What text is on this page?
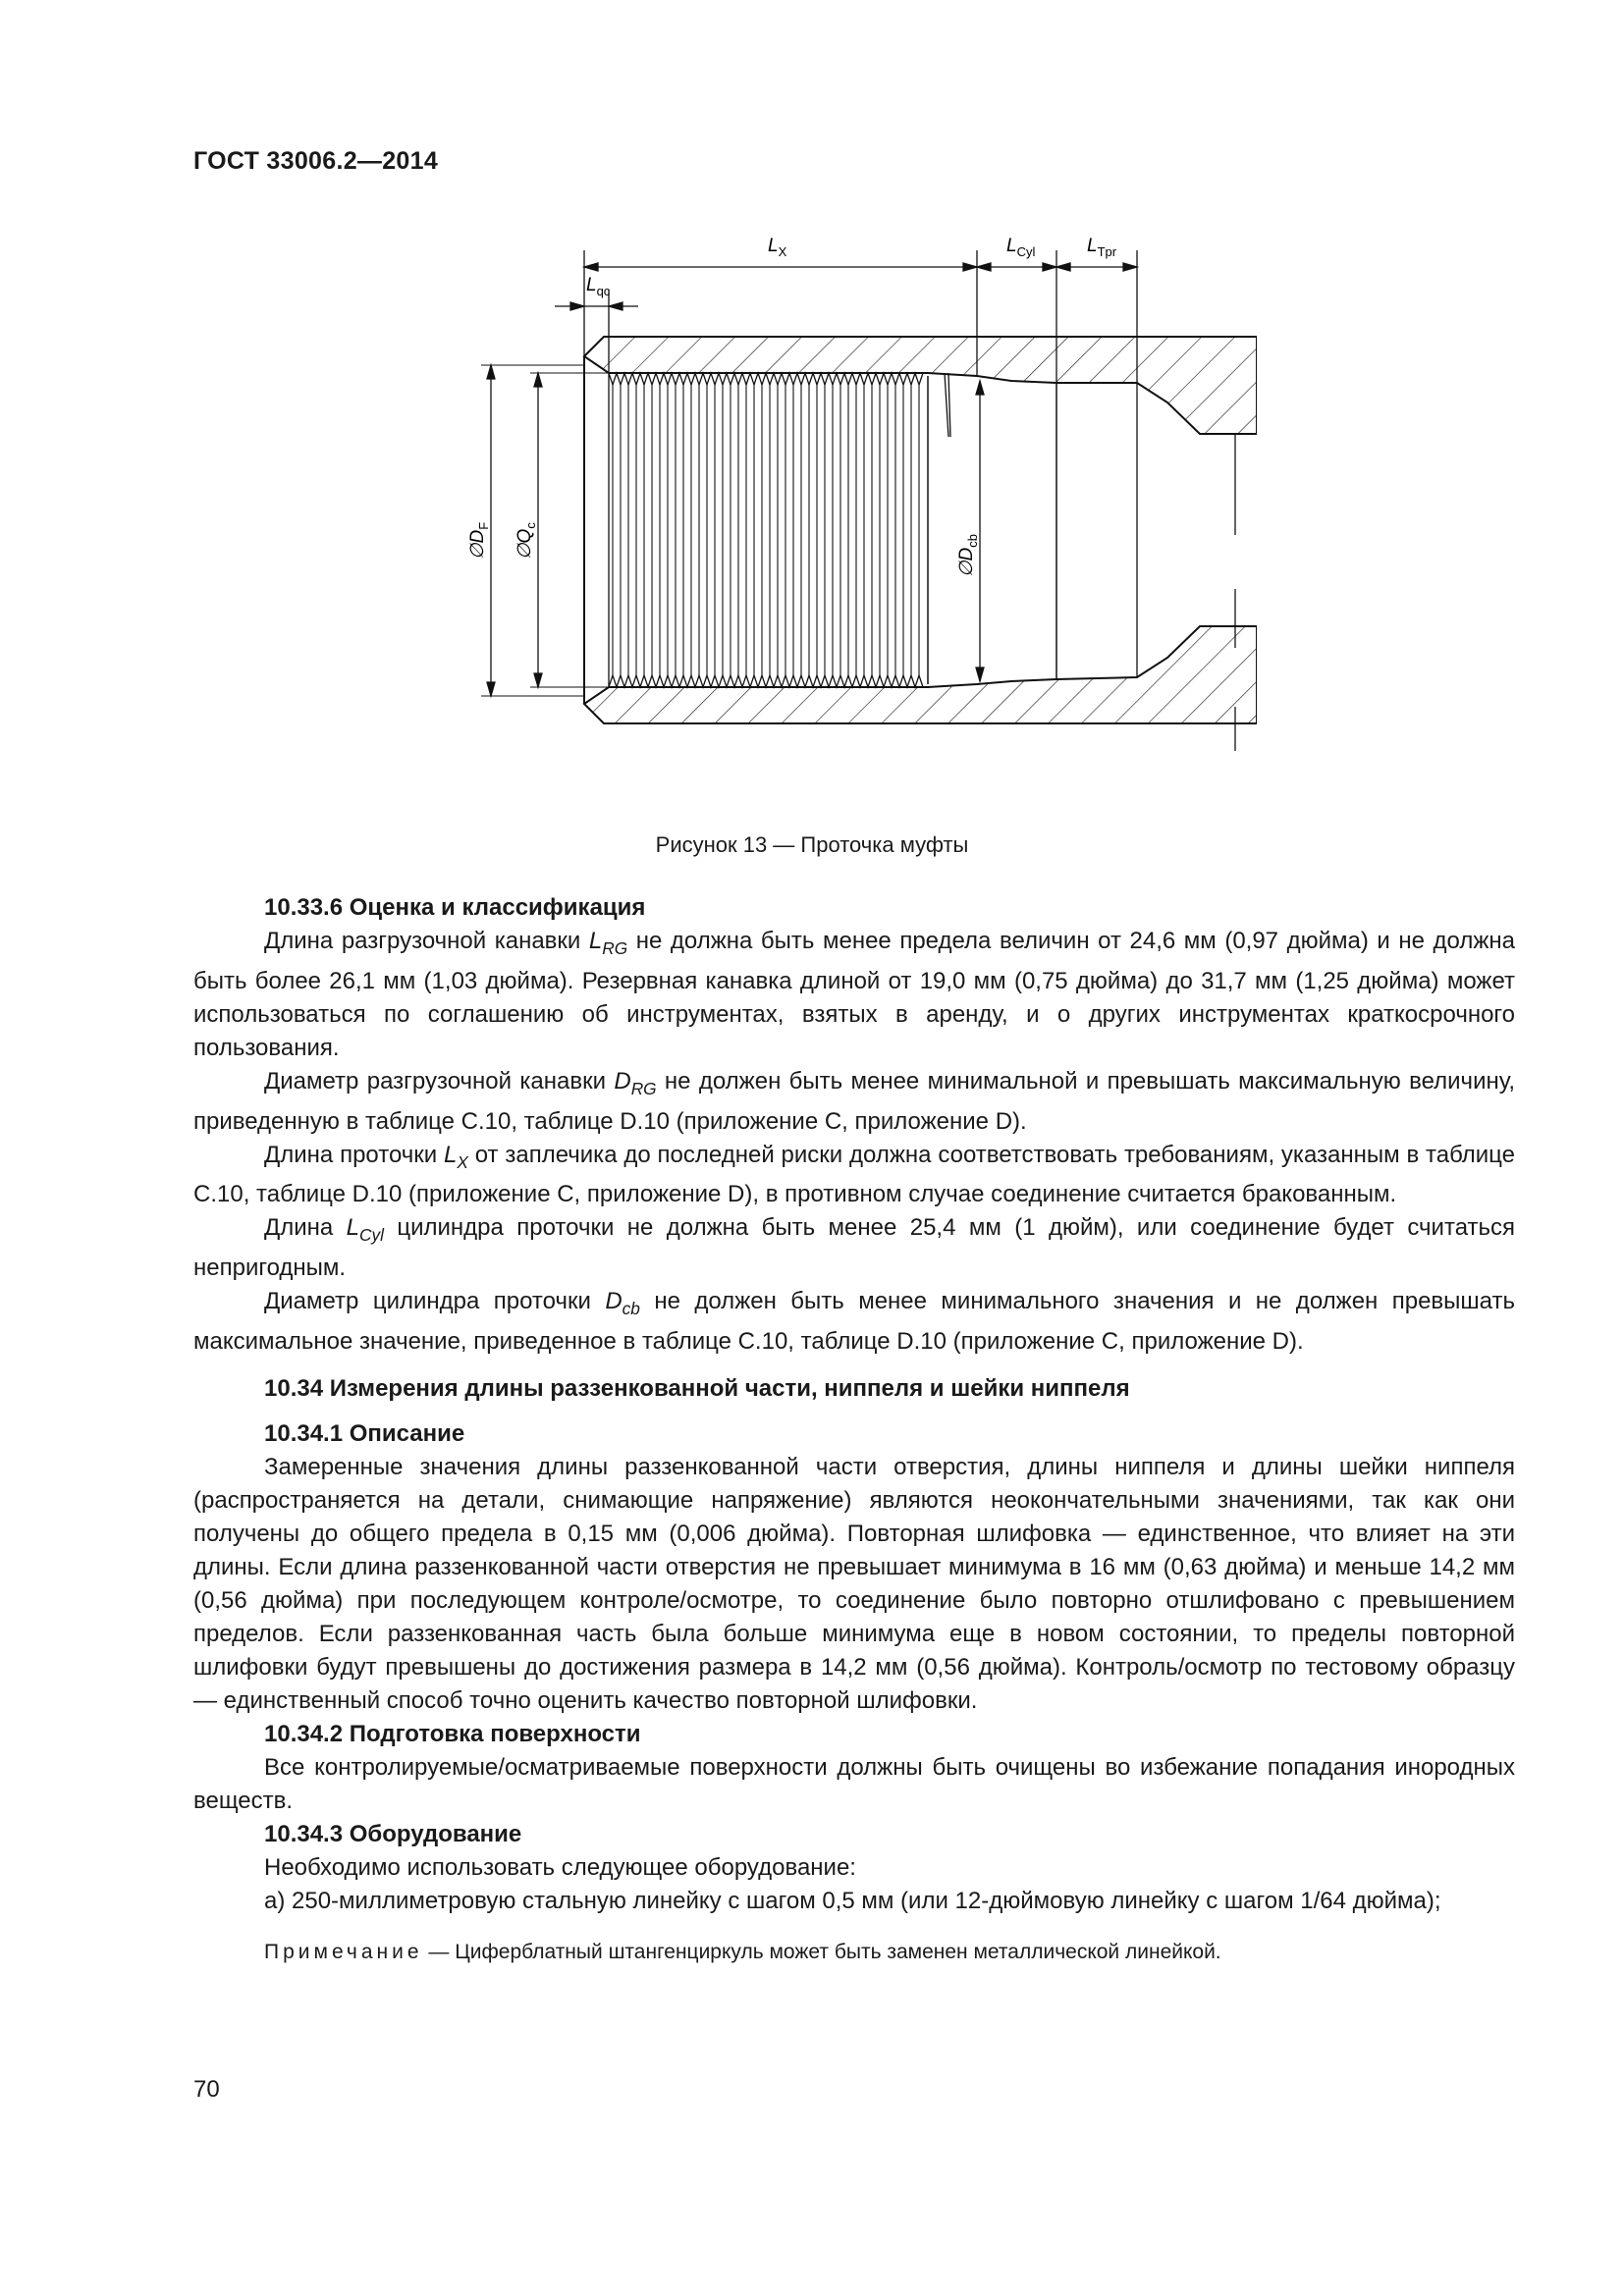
ГОСТ 33006.2—2014
$L_X$	$L_{Cyl}$	$L_{Tpr}$
$L_{qc}$
$\emptyset D_F$
$\emptyset Q_c$
$\emptyset D_{cb}$
Рисунок 13 — Проточка муфты

10.33.6 Оценка и классификация

Длина разгрузочной канавки $L_{RG}$ не должна быть менее предела величин от 24,6 мм (0,97 дюйма) и не должна быть более 26,1 мм (1,03 дюйма). Резервная канавка длиной от 19,0 мм (0,75 дюйма) до 31,7 мм (1,25 дюйма) может использоваться по соглашению об инструментах, взятых в аренду, и о других инструментах краткосрочного пользования.

Диаметр разгрузочной канавки $D_{RG}$ не должен быть менее минимальной и превышать максимальную величину, приведенную в таблице С.10, таблице D.10 (приложение С, приложение D).

Длина проточки $L_X$ от заплечика до последней риски должна соответствовать требованиям, указанным в таблице С.10, таблице D.10 (приложение С, приложение D), в противном случае соединение считается бракованным.

Длина $L_{Cyl}$ цилиндра проточки не должна быть менее 25,4 мм (1 дюйм), или соединение будет считаться непригодным.

Диаметр цилиндра проточки $D_{cb}$ не должен быть менее минимального значения и не должен превышать максимальное значение, приведенное в таблице С.10, таблице D.10 (приложение С, приложение D).

10.34 Измерения длины раззенкованной части, ниппеля и шейки ниппеля

10.34.1 Описание

Замеренные значения длины раззенкованной части отверстия, длины ниппеля и длины шейки ниппеля (распространяется на детали, снимающие напряжение) являются неокончательными значениями, так как они получены до общего предела в 0,15 мм (0,006 дюйма). Повторная шлифовка — единственное, что влияет на эти длины. Если длина раззенкованной части отверстия не превышает минимума в 16 мм (0,63 дюйма) и меньше 14,2 мм (0,56 дюйма) при последующем контроле/осмотре, то соединение было повторно отшлифовано с превышением пределов. Если раззенкованная часть была больше минимума еще в новом состоянии, то пределы повторной шлифовки будут превышены до достижения размера в 14,2 мм (0,56 дюйма). Контроль/осмотр по тестовому образцу — единственный способ точно оценить качество повторной шлифовки.

10.34.2 Подготовка поверхности

Все контролируемые/осматриваемые поверхности должны быть очищены во избежание попадания инородных веществ.

10.34.3 Оборудование

Необходимо использовать следующее оборудование:

а) 250-миллиметровую стальную линейку с шагом 0,5 мм (или 12-дюймовую линейку с шагом 1/64 дюйма);

Примечание — Циферблатный штангенциркуль может быть заменен металлической линейкой.

70
